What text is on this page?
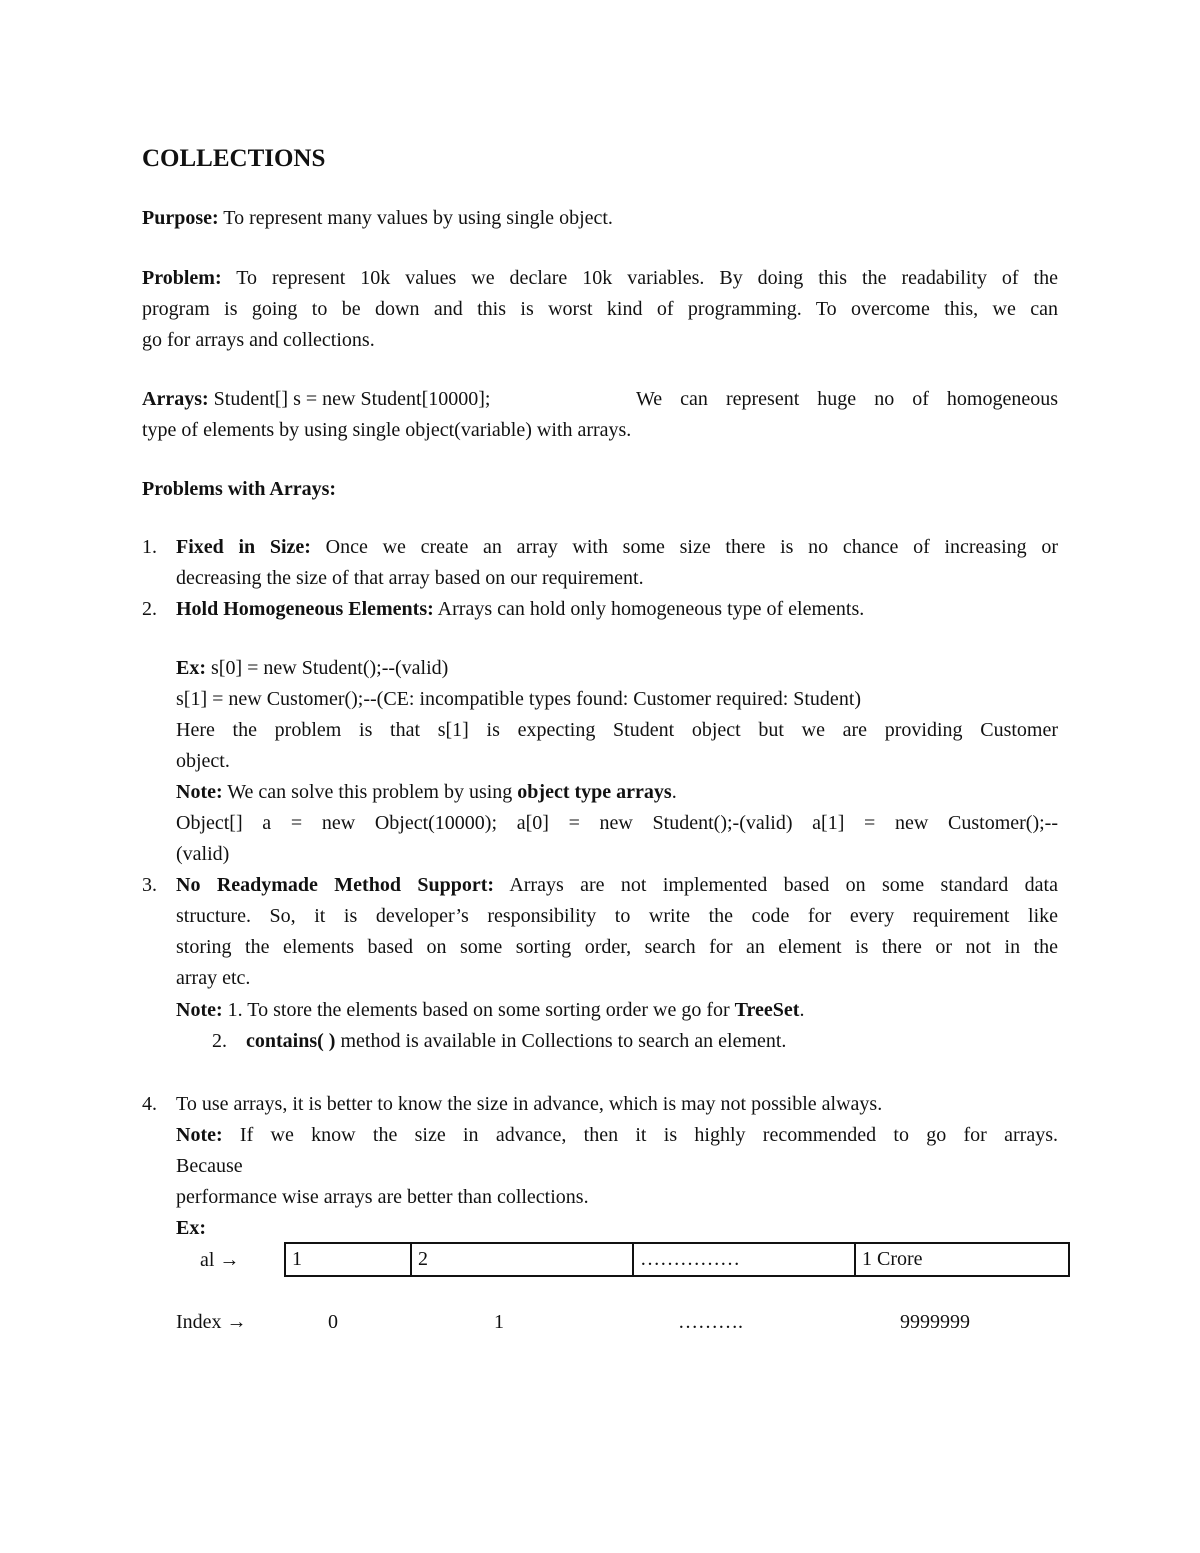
COLLECTIONS
Purpose: To represent many values by using single object.
Problem: To represent 10k values we declare 10k variables. By doing this the readability of the
program is going to be down and this is worst kind of programming. To overcome this, we can
go for arrays and collections.
Arrays: Student[] s = new Student[10000];	We can represent huge no of homogeneous
type of elements by using single object(variable) with arrays.
Problems with Arrays:
1. Fixed in Size: Once we create an array with some size there is no chance of increasing or
decreasing the size of that array based on our requirement.
2. Hold Homogeneous Elements: Arrays can hold only homogeneous type of elements.
Ex: s[0] = new Student();--(valid)
s[1] = new Customer();--(CE: incompatible types found: Customer required: Student)
Here the problem is that s[1] is expecting Student object but we are providing Customer
object.
Note: We can solve this problem by using object type arrays.
Object[] a = new Object(10000); a[0] = new Student();-(valid) a[1] = new Customer();--
(valid)
3. No Readymade Method Support: Arrays are not implemented based on some standard data
structure. So, it is developer’s responsibility to write the code for every requirement like
storing the elements based on some sorting order, search for an element is there or not in the
array etc.
Note: 1. To store the elements based on some sorting order we go for TreeSet.
2. contains( ) method is available in Collections to search an element.
4. To use arrays, it is better to know the size in advance, which is may not possible always.
Note: If we know the size in advance, then it is highly recommended to go for arrays.
Because
performance wise arrays are better than collections.
Ex:
al →	1	2	……………	1 Crore
Index →	0	1	……….	9999999
